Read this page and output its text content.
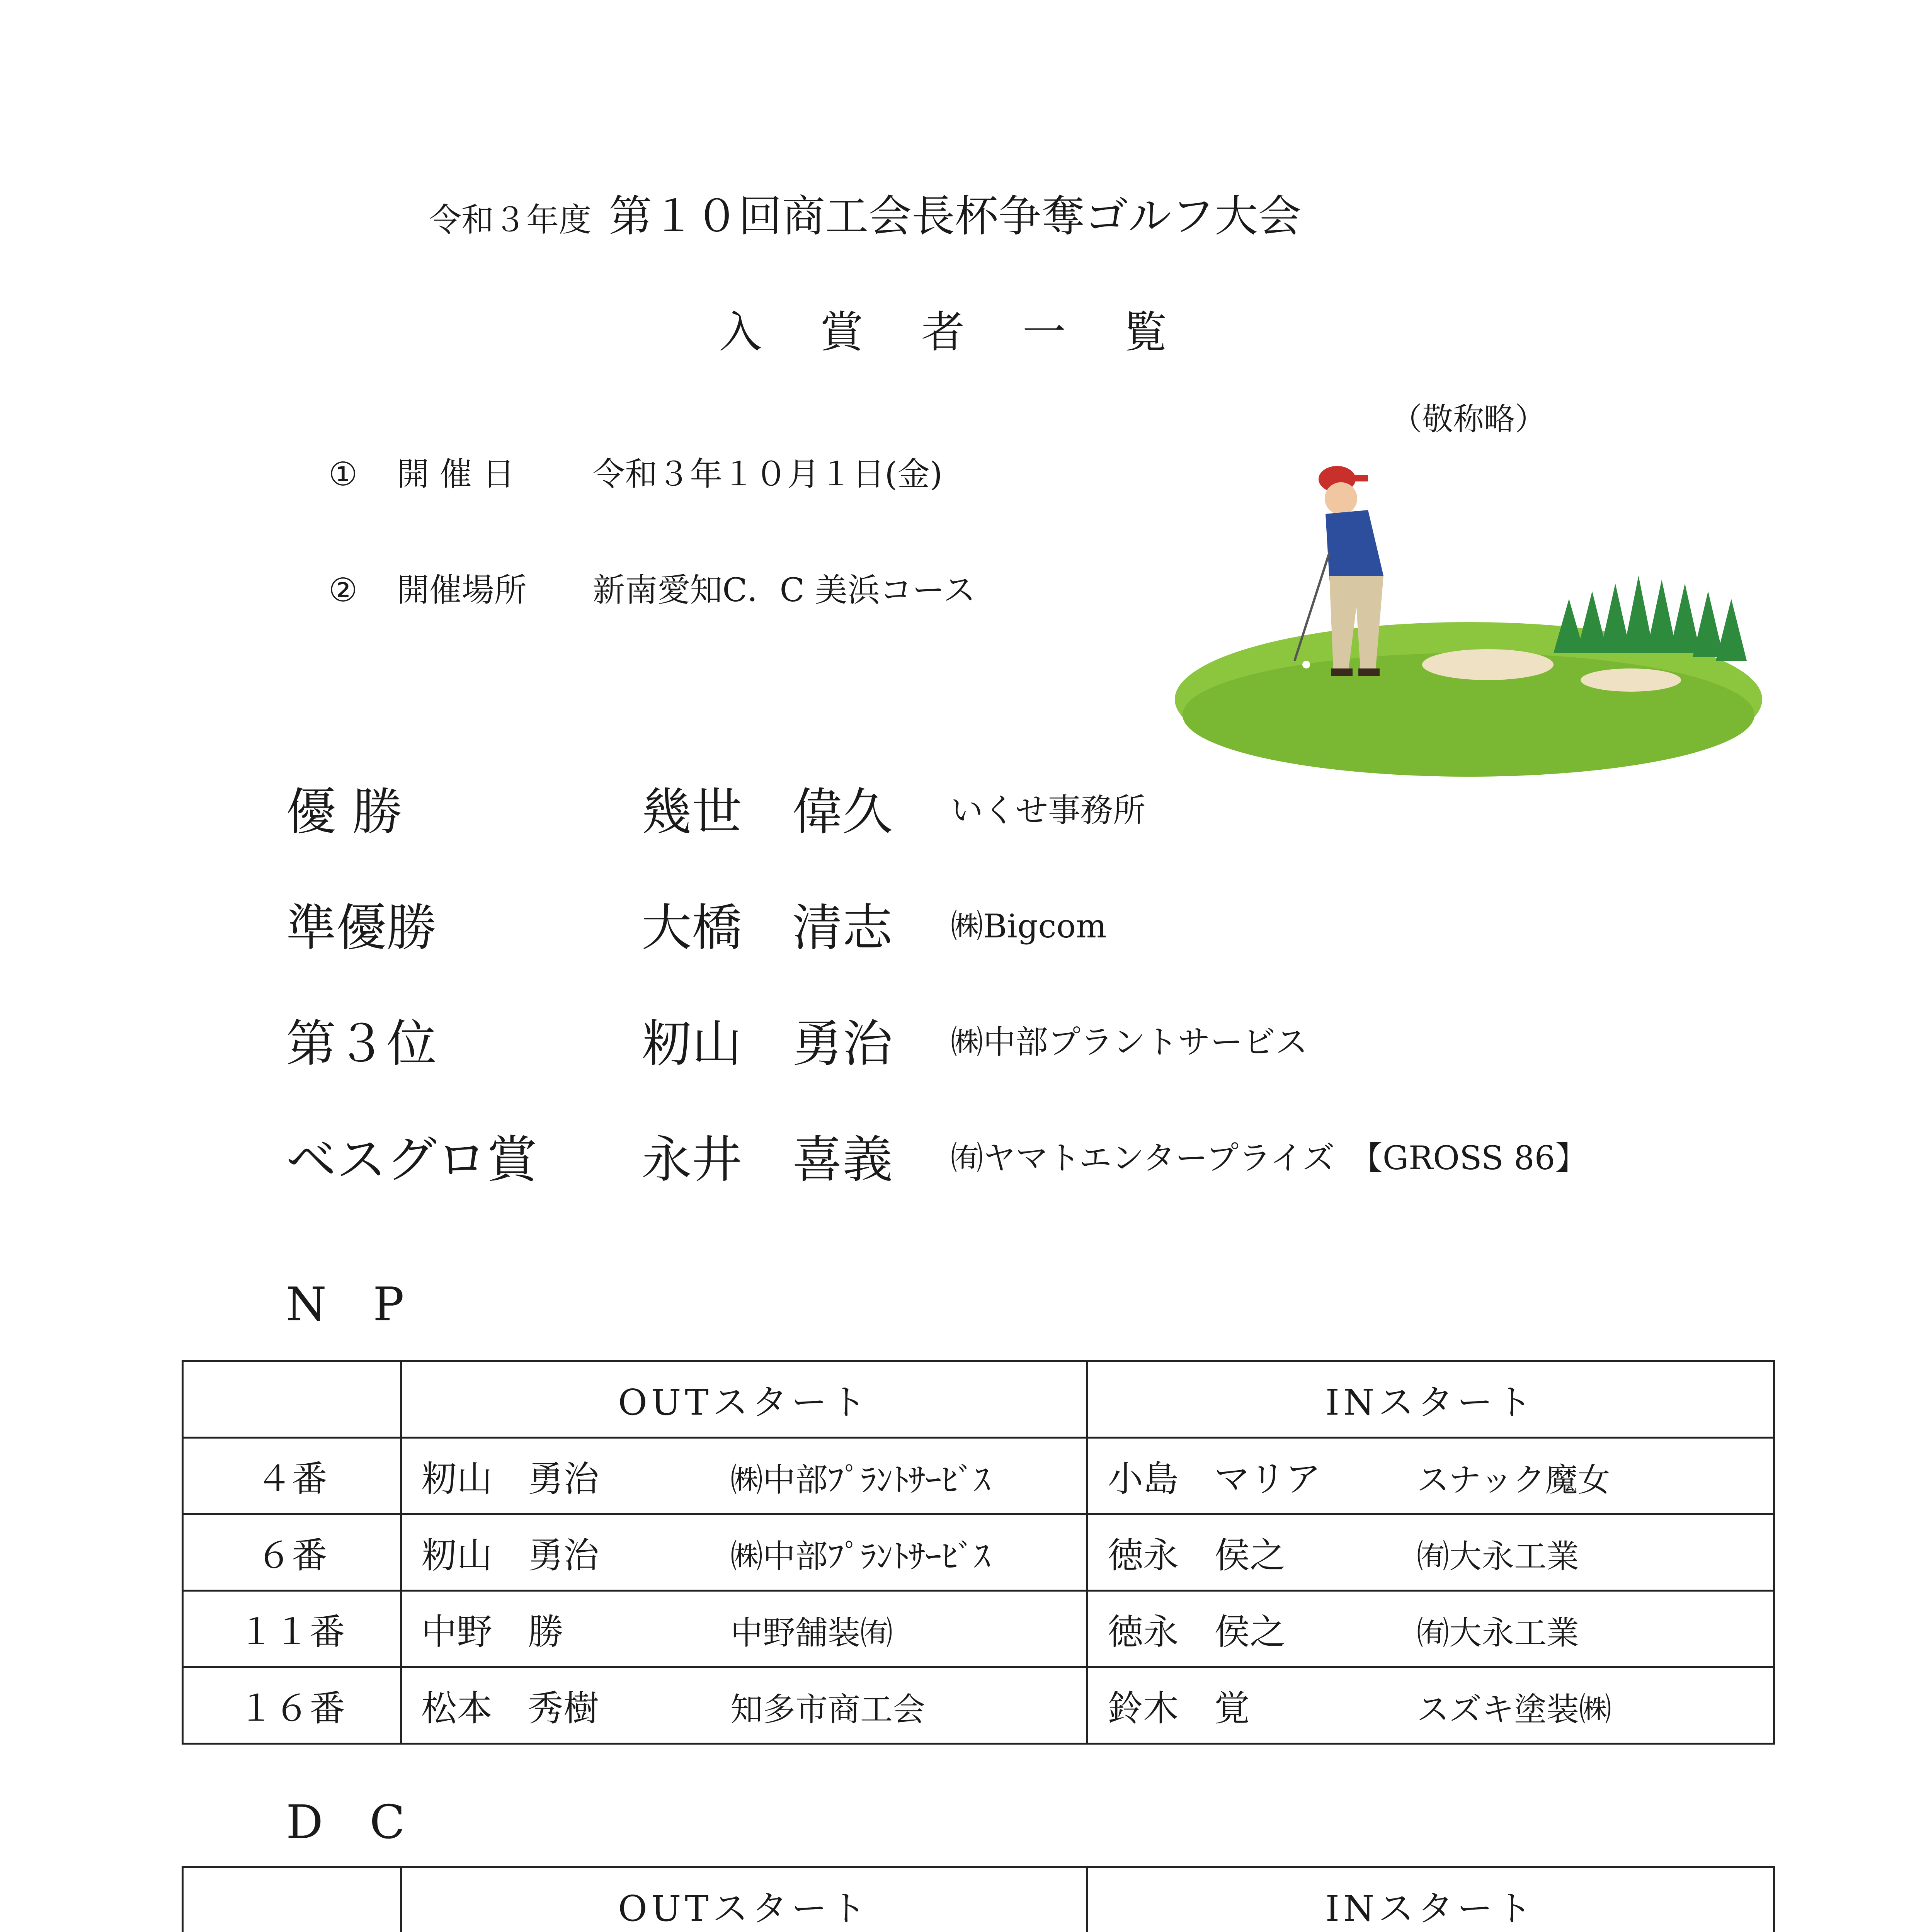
令和３年度 第１０回商工会長杯争奪ゴルフ大会
入賞者一覧
（敬称略）
① 開 催 日 令和３年１０月１日(金)
② 開催場所 新南愛知C．C 美浜コース
優 勝	幾世　偉久	いくせ事務所
準優勝	大橋　清志	㈱Bigcom
第３位	籾山　勇治	㈱中部プラントサービス
ベスグロ賞	永井　喜義	㈲ヤマトエンタープライズ 【GROSS 86】
N　P
	OUTスタート	INスタート
４番	籾山　勇治 ㈱中部ﾌﾟﾗﾝﾄｻｰﾋﾞｽ	小島　マリア スナック魔女
６番	籾山　勇治 ㈱中部ﾌﾟﾗﾝﾄｻｰﾋﾞｽ	徳永　侯之 ㈲大永工業
１１番	中野　勝 中野舗装㈲	徳永　侯之 ㈲大永工業
１６番	松本　秀樹 知多市商工会	鈴木　覚 スズキ塗装㈱
D　C
	OUTスタート	INスタート
